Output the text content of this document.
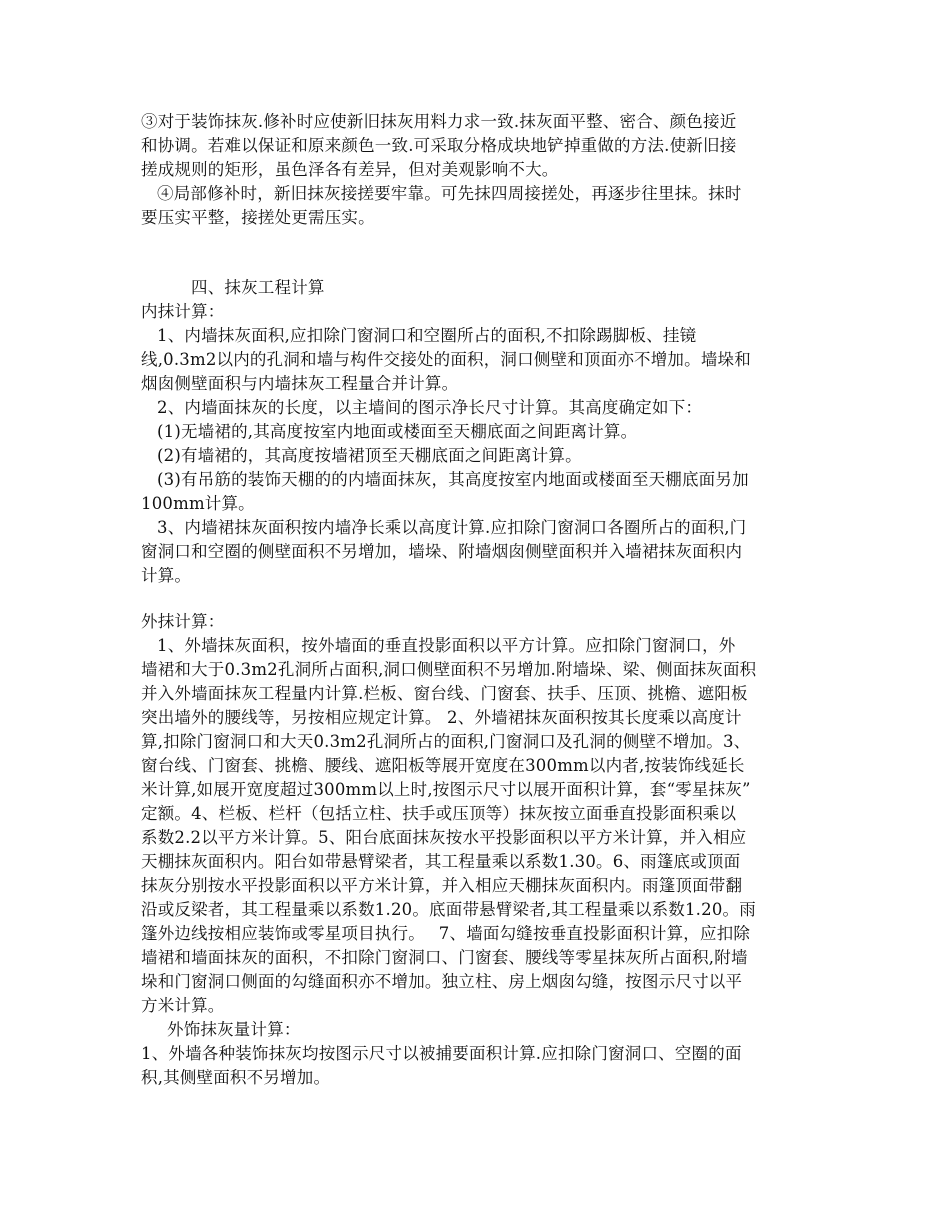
③对于装饰抹灰.修补时应使新旧抹灰用料力求一致.抹灰面平整、密合、颜色接近

和协调。若难以保证和原来颜色一致.可采取分格成块地铲掉重做的方法.使新旧接

搓成规则的矩形，虽色泽各有差异，但对美观影响不大。

④局部修补时，新旧抹灰接搓要牢靠。可先抹四周接搓处，再逐步往里抹。抹时

要压实平整，接搓处更需压实。

四、抹灰工程计算

内抹计算：

1、内墙抹灰面积,应扣除门窗洞口和空圈所占的面积,不扣除踢脚板、挂镜

线,0.3m2以内的孔洞和墙与构件交接处的面积，洞口侧壁和顶面亦不增加。墙垛和

烟囱侧壁面积与内墙抹灰工程量合并计算。

2、内墙面抹灰的长度，以主墙间的图示净长尺寸计算。其高度确定如下：

(1)无墙裙的,其高度按室内地面或楼面至天棚底面之间距离计算。

(2)有墙裙的，其高度按墙裙顶至天棚底面之间距离计算。

(3)有吊筋的装饰天棚的的内墙面抹灰，其高度按室内地面或楼面至天棚底面另加

100mm计算。

3、内墙裙抹灰面积按内墙净长乘以高度计算.应扣除门窗洞口各圈所占的面积,门

窗洞口和空圈的侧壁面积不另增加，墙垛、附墙烟囱侧壁面积并入墙裙抹灰面积内

计算。

外抹计算：

1、外墙抹灰面积，按外墙面的垂直投影面积以平方计算。应扣除门窗洞口，外

墙裙和大于0.3m2孔洞所占面积,洞口侧壁面积不另增加.附墙垛、梁、侧面抹灰面积

并入外墙面抹灰工程量内计算.栏板、窗台线、门窗套、扶手、压顶、挑檐、遮阳板

突出墙外的腰线等，另按相应规定计算。 2、外墙裙抹灰面积按其长度乘以高度计

算,扣除门窗洞口和大天0.3m2孔洞所占的面积,门窗洞口及孔洞的侧壁不增加。3、

窗台线、门窗套、挑檐、腰线、遮阳板等展开宽度在300mm以内者,按装饰线延长

米计算,如展开宽度超过300mm以上时,按图示尺寸以展开面积计算，套“零星抹灰”

定额。4、栏板、栏杆（包括立柱、扶手或压顶等）抹灰按立面垂直投影面积乘以

系数2.2以平方米计算。5、阳台底面抹灰按水平投影面积以平方米计算，并入相应

天棚抹灰面积内。阳台如带悬臂梁者，其工程量乘以系数1.30。6、雨篷底或顶面

抹灰分别按水平投影面积以平方米计算，并入相应天棚抹灰面积内。雨篷顶面带翻

沿或反梁者，其工程量乘以系数1.20。底面带悬臂梁者,其工程量乘以系数1.20。雨

篷外边线按相应装饰或零星项目执行。　 7、墙面勾缝按垂直投影面积计算，应扣除

墙裙和墙面抹灰的面积，不扣除门窗洞口、门窗套、腰线等零星抹灰所占面积,附墙

垛和门窗洞口侧面的勾缝面积亦不增加。独立柱、房上烟囱勾缝，按图示尺寸以平

方米计算。

外饰抹灰量计算：

1、外墙各种装饰抹灰均按图示尺寸以被捕要面积计算.应扣除门窗洞口、空圈的面

积,其侧壁面积不另增加。
